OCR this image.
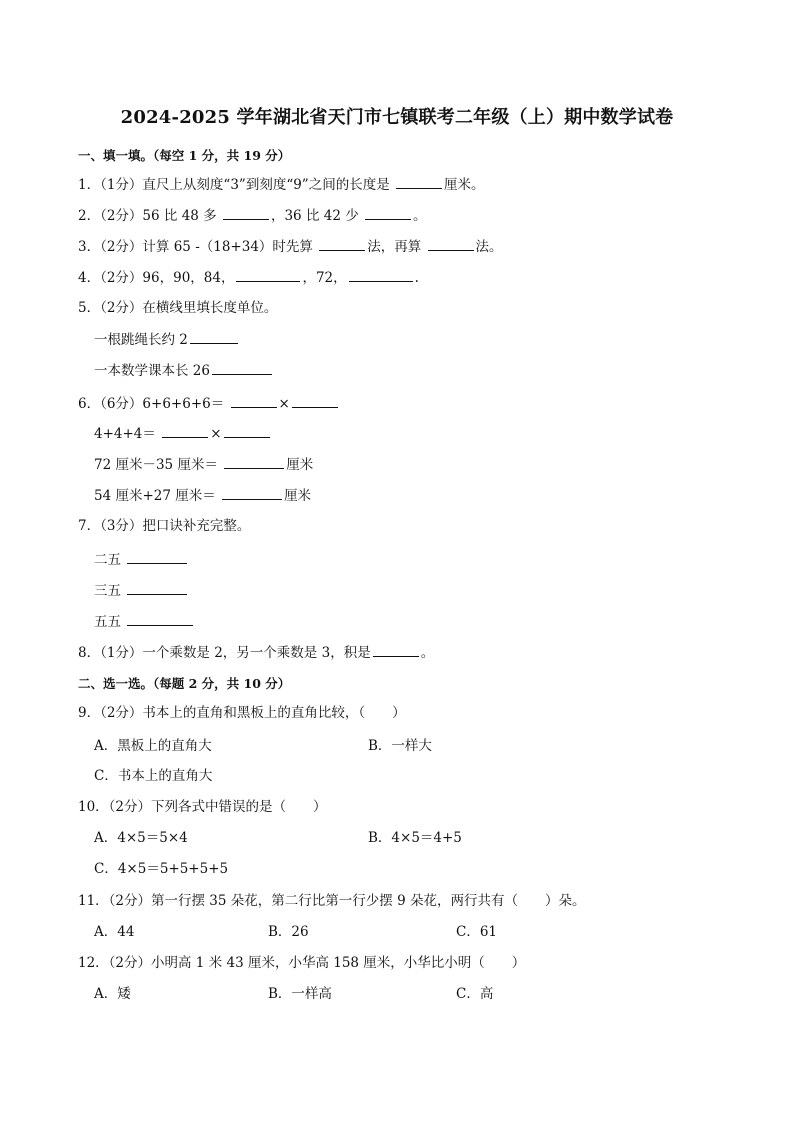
2024-2025 学年湖北省天门市七镇联考二年级（上）期中数学试卷
一、填一填。（每空 1 分，共 19 分）
1．（1分）直尺上从刻度“3”到刻度“9”之间的长度是	厘米。
2．（2分）56 比 48 多	，36 比 42 少	。
3．（2分）计算 65 -（18+34）时先算	法，再算	法。
4．（2分）96，90，84，	，72，	.
5．（2分）在横线里填长度单位。
一根跳绳长约 2
一本数学课本长 26
6．（6分）6+6+6+6＝	×
4+4+4＝	×
72 厘米－35 厘米＝	厘米
54 厘米+27 厘米＝	厘米
7．（3分）把口诀补充完整。
二五
三五
五五
8．（1分）一个乘数是 2，另一个乘数是 3，积是	。
二、选一选。（每题 2 分，共 10 分）
9．（2分）书本上的直角和黑板上的直角比较，（　　）
A．黑板上的直角大	B．一样大
C．书本上的直角大
10．（2分）下列各式中错误的是（　　）
A．4×5＝5×4	B．4×5＝4+5
C．4×5＝5+5+5+5
11．（2分）第一行摆 35 朵花，第二行比第一行少摆 9 朵花，两行共有（　　）朵。
A．44	B．26	C．61
12．（2分）小明高 1 米 43 厘米，小华高 158 厘米，小华比小明（　　）
A．矮	B．一样高	C．高
